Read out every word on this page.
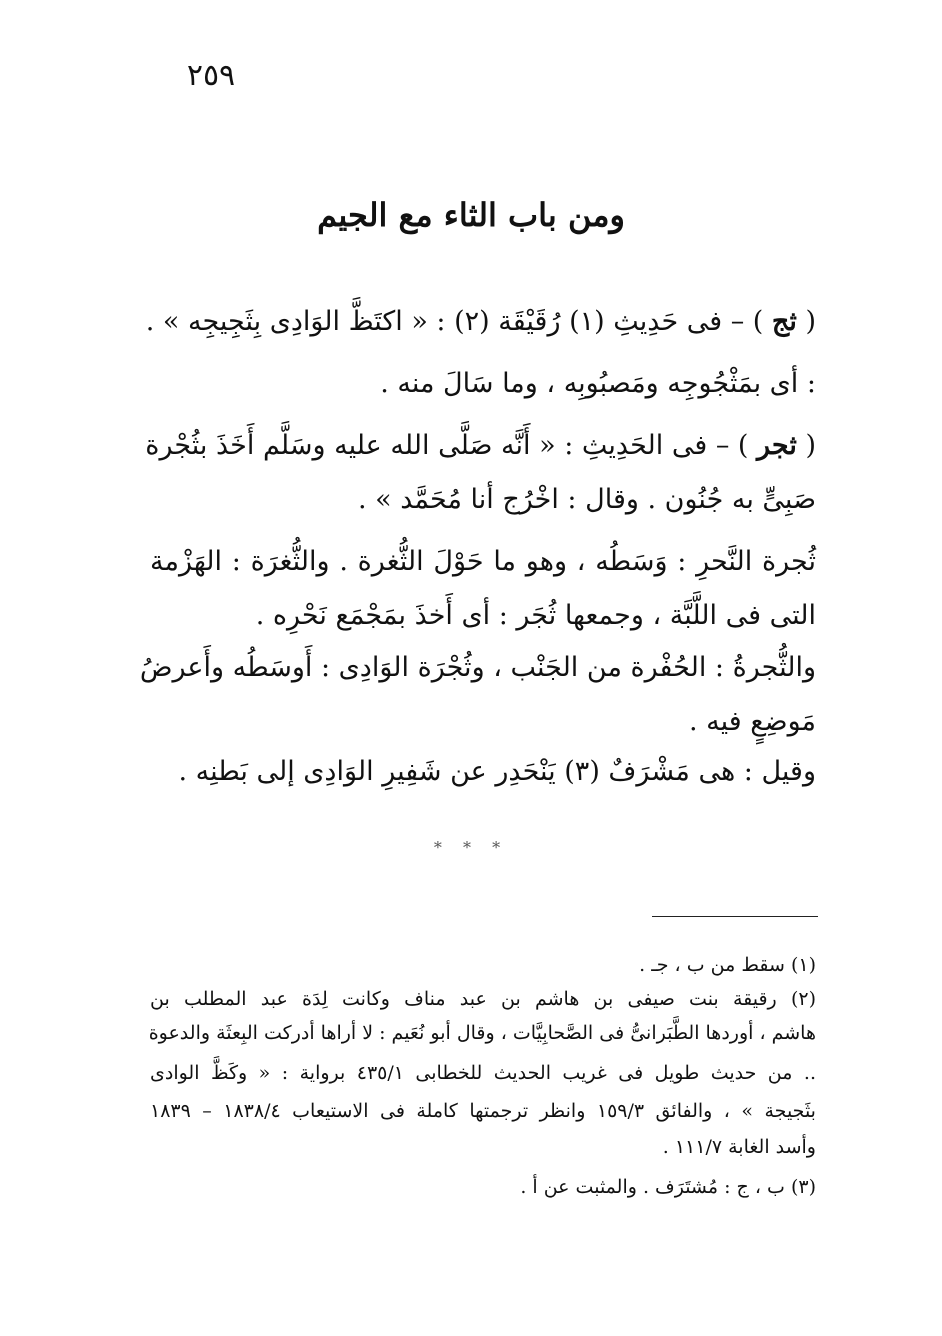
٢٥٩
ومن باب الثاء مع الجيم
( ثج ) – فى حَدِيثِ (١) رُقَيْقَة (٢) : « اكتَظَّ الوَادِى بِثَجِيجِه » .
: أى بمَثْجُوجِه ومَصبُوبِه ، وما سَالَ منه .
( ثجر ) – فى الحَدِيثِ : « أَنَّه صَلَّى الله عليه وسَلَّم أَخَذَ بثُجْرة
صَبِىٍّ به جُنُون . وقال : اخْرُج أنا مُحَمَّد » .
ثُجرة النَّحرِ : وَسَطُه ، وهو ما حَوْلَ الثُّغرة . والثُّغرَة : الهَزْمة
التى فى اللَّبَّة ، وجمعها ثُجَر : أى أَخذَ بمَجْمَع نَحْرِه .
والثُّجرةُ : الحُفْرة من الجَنْب ، وثُجْرَة الوَادِى : أَوسَطُه وأَعرضُ
مَوضِعٍ فيه .
وقيل : هى مَشْرَفٌ (٣) يَنْحَدِر عن شَفِيرِ الوَادِى إلى بَطنِه .
* * *
(١) سقط من ب ، جـ .
(٢) رقيقة بنت صيفى بن هاشم بن عبد مناف وكانت لِدَة عبد المطلب بن
هاشم ، أوردها الطَّبَرانىُّ فى الصَّحابِيَّات ، وقال أبو نُعَيم : لا أراها أدركت البِعثَة والدعوة
.. من حديث طويل فى غريب الحديث للخطابى ٤٣٥/١ برواية : « وكَظَّ الوادى
بثَجيجة » ، والفائق ١٥٩/٣ وانظر ترجمتها كاملة فى الاستيعاب ١٨٣٨/٤ – ١٨٣٩
وأسد الغابة ١١١/٧ .
(٣) ب ، ج : مُشتَرَف . والمثبت عن أ .
